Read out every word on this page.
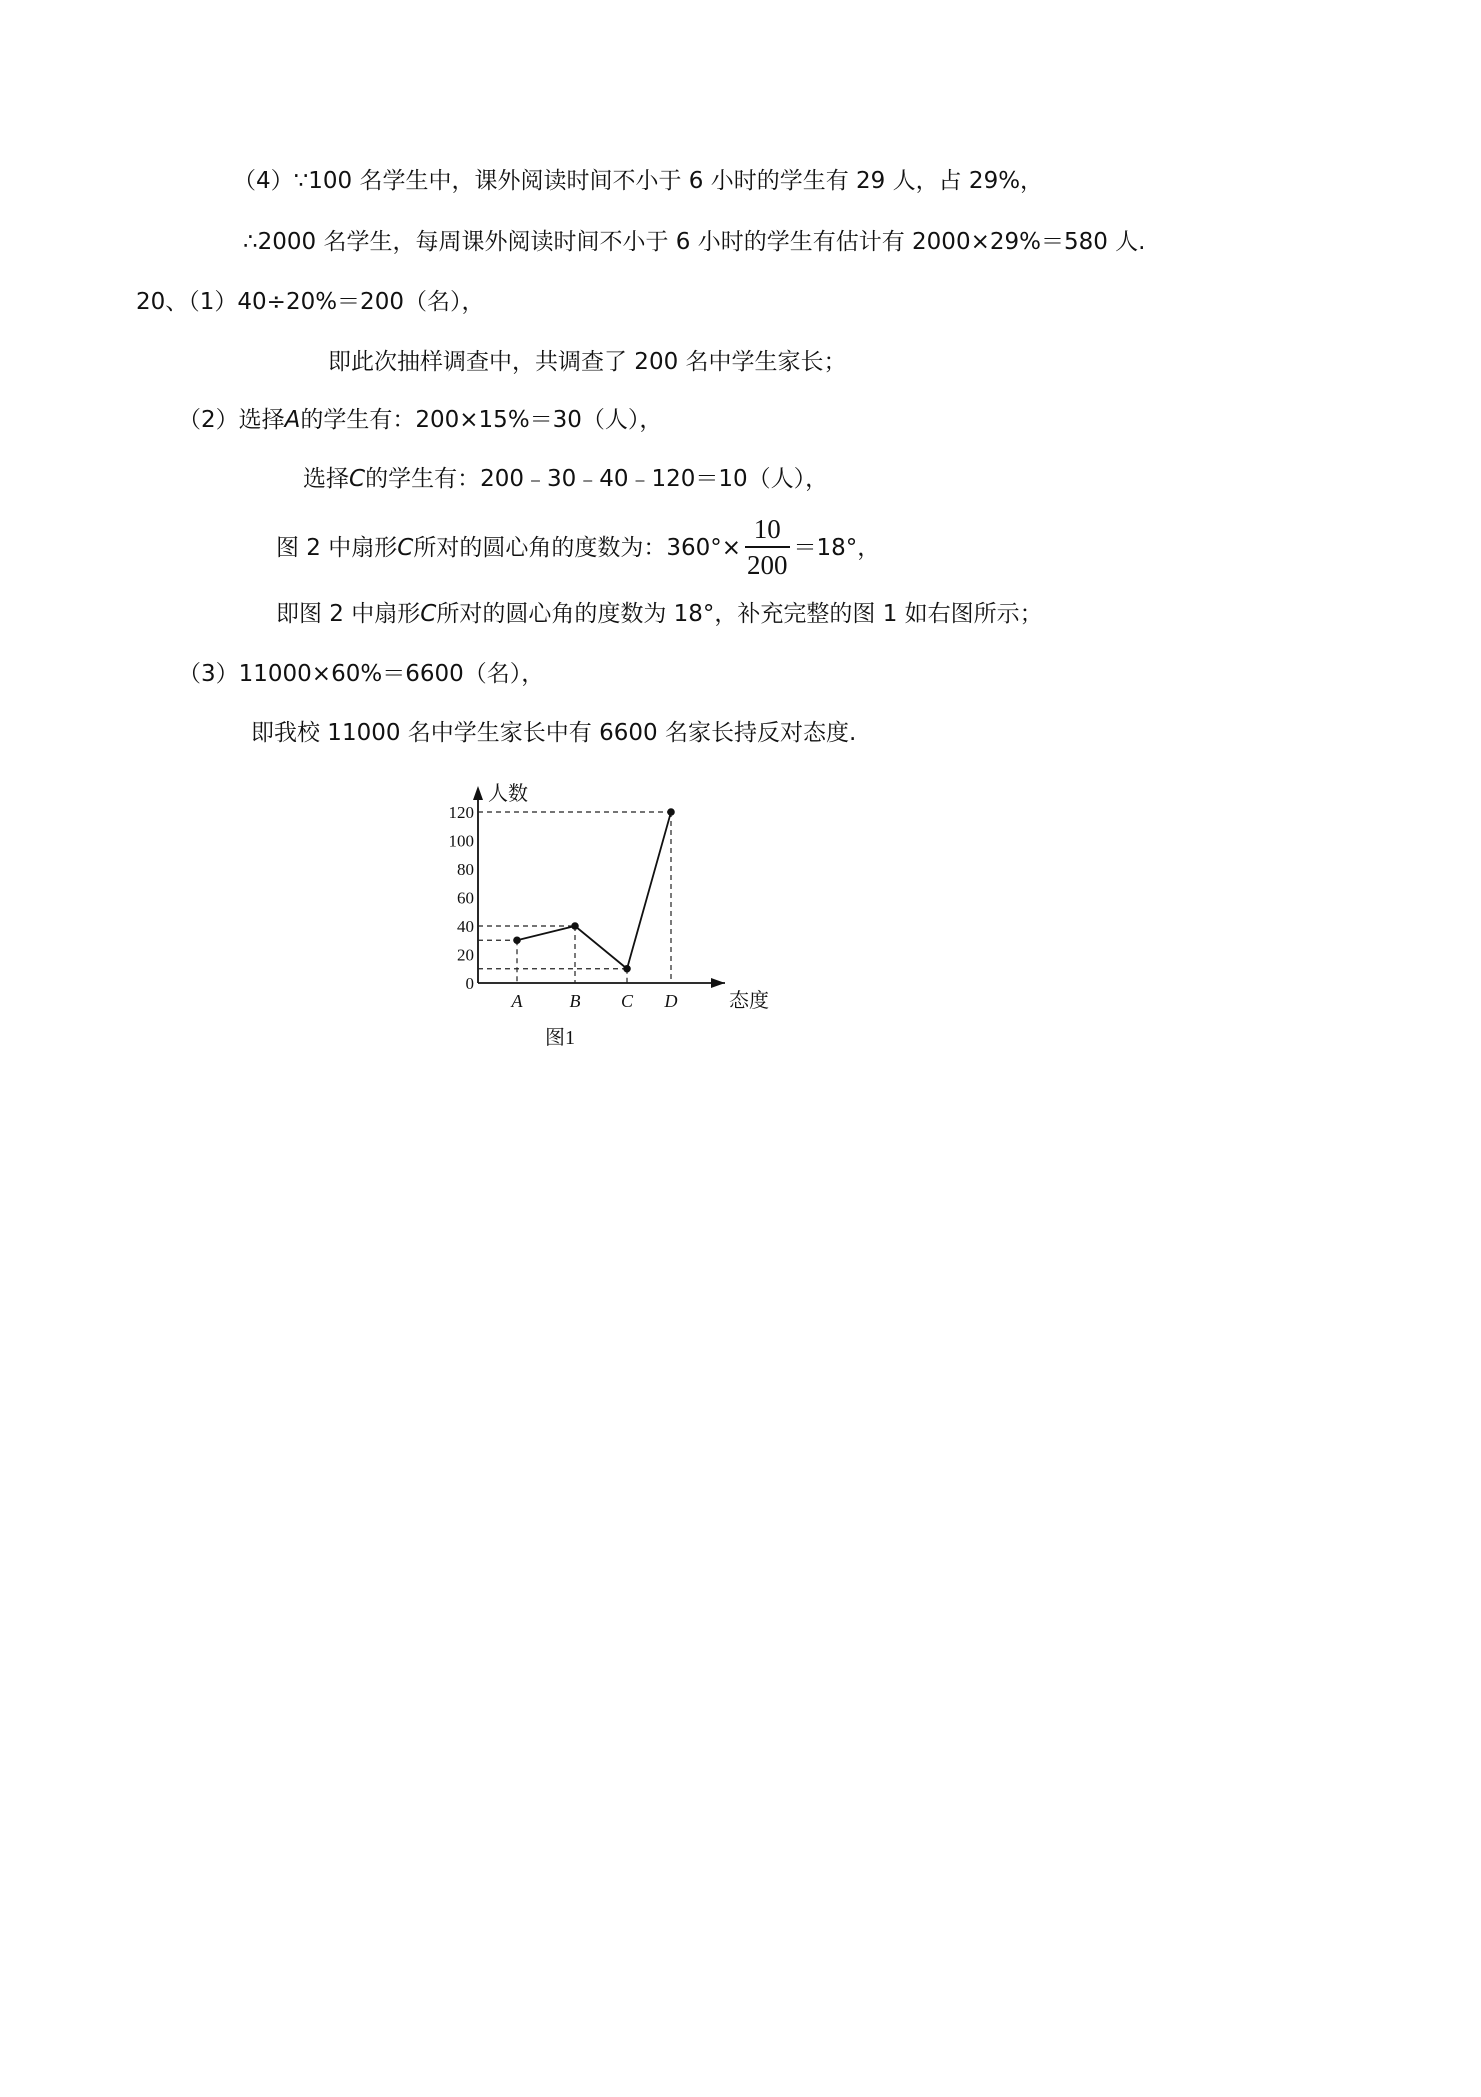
（4）∵100 名学生中，课外阅读时间不小于 6 小时的学生有 29 人，占 29%，
∴2000 名学生，每周课外阅读时间不小于 6 小时的学生有估计有 2000×29%＝580 人.
20、（1）40÷20%＝200（名），
即此次抽样调查中，共调查了 200 名中学生家长；
（2）选择A的学生有：200×15%＝30（人），
选择C的学生有：200﹣30﹣40﹣120＝10（人），
图 2 中扇形C所对的圆心角的度数为：$360^\circ\times \frac{10}{200} =18^\circ$，
即图 2 中扇形C所对的圆心角的度数为 18°，补充完整的图 1 如右图所示；
（3）11000×60%＝6600（名），
即我校 11000 名中学生家长中有 6600 名家长持反对态度.
人数
态度
0
20
40
60
80
100
120
A	B C D
图1
